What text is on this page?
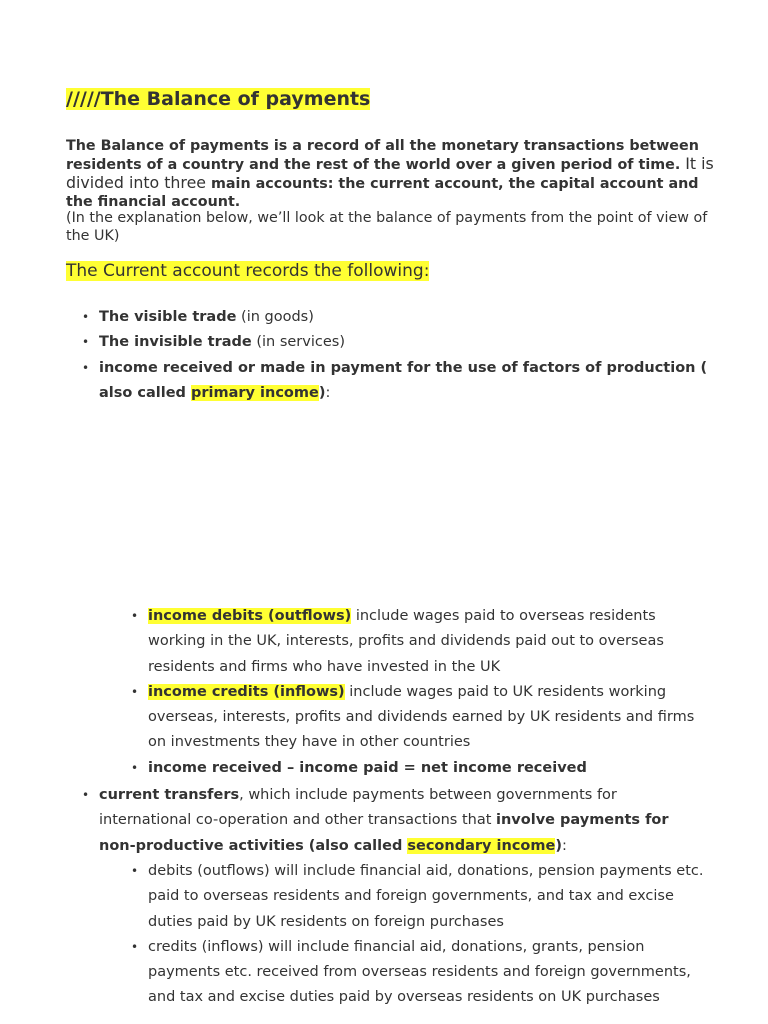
/////The Balance of payments
The Balance of payments is a record of all the monetary transactions between residents of a country and the rest of the world over a given period of time. It is divided into three main accounts: the current account, the capital account and the financial account.
(In the explanation below, we’ll look at the balance of payments from the point of view of the UK)
The Current account records the following:
• The visible trade (in goods)
• The invisible trade (in services)
• income received or made in payment for the use of factors of production ( also called primary income):
• income debits (outflows) include wages paid to overseas residents working in the UK, interests, profits and dividends paid out to overseas residents and firms who have invested in the UK
• income credits (inflows) include wages paid to UK residents working overseas, interests, profits and dividends earned by UK residents and firms on investments they have in other countries
• income received – income paid = net income received
• current transfers, which include payments between governments for international co-operation and other transactions that involve payments for non-productive activities (also called secondary income):
• debits (outflows) will include financial aid, donations, pension payments etc. paid to overseas residents and foreign governments, and tax and excise duties paid by UK residents on foreign purchases
• credits (inflows) will include financial aid, donations, grants, pension payments etc. received from overseas residents and foreign governments, and tax and excise duties paid by overseas residents on UK purchases
